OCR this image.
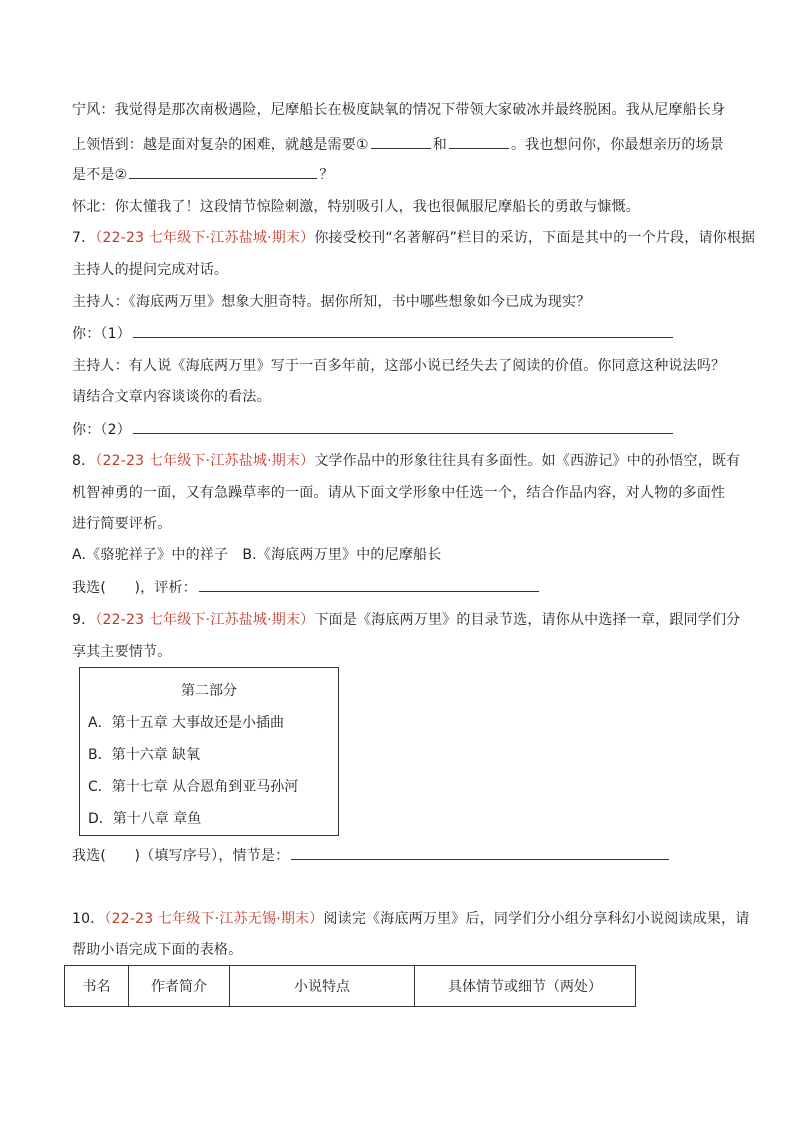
宁风：我觉得是那次南极遇险，尼摩船长在极度缺氧的情况下带领大家破冰并最终脱困。我从尼摩船长身
上领悟到：越是面对复杂的困难，就越是需要①	和	。我也想问你，你最想亲历的场景
是不是②	？
怀北：你太懂我了！这段情节惊险刺激，特别吸引人，我也很佩服尼摩船长的勇敢与慷慨。
7．（22-23 七年级下·江苏盐城·期末）你接受校刊“名著解码”栏目的采访，下面是其中的一个片段，请你根据
主持人的提问完成对话。
主持人：《海底两万里》想象大胆奇特。据你所知，书中哪些想象如今已成为现实？
你：（1）
主持人：有人说《海底两万里》写于一百多年前，这部小说已经失去了阅读的价值。你同意这种说法吗？
请结合文章内容谈谈你的看法。
你：（2）
8．（22-23 七年级下·江苏盐城·期末）文学作品中的形象往往具有多面性。如《西游记》中的孙悟空，既有
机智神勇的一面，又有急躁草率的一面。请从下面文学形象中任选一个，结合作品内容，对人物的多面性
进行简要评析。
A.《骆驼祥子》中的祥子　B.《海底两万里》中的尼摩船长
我选(　　)，评析：
9．（22-23 七年级下·江苏盐城·期末）下面是《海底两万里》的目录节选，请你从中选择一章，跟同学们分
享其主要情节。
第二部分
A．第十五章 大事故还是小插曲
B．第十六章 缺氧
C．第十七章 从合恩角到亚马孙河
D．第十八章 章鱼
我选(　　)（填写序号），情节是：
10．（22-23 七年级下·江苏无锡·期末）阅读完《海底两万里》后，同学们分小组分享科幻小说阅读成果，请
帮助小语完成下面的表格。
书名	作者简介	小说特点	具体情节或细节（两处）
